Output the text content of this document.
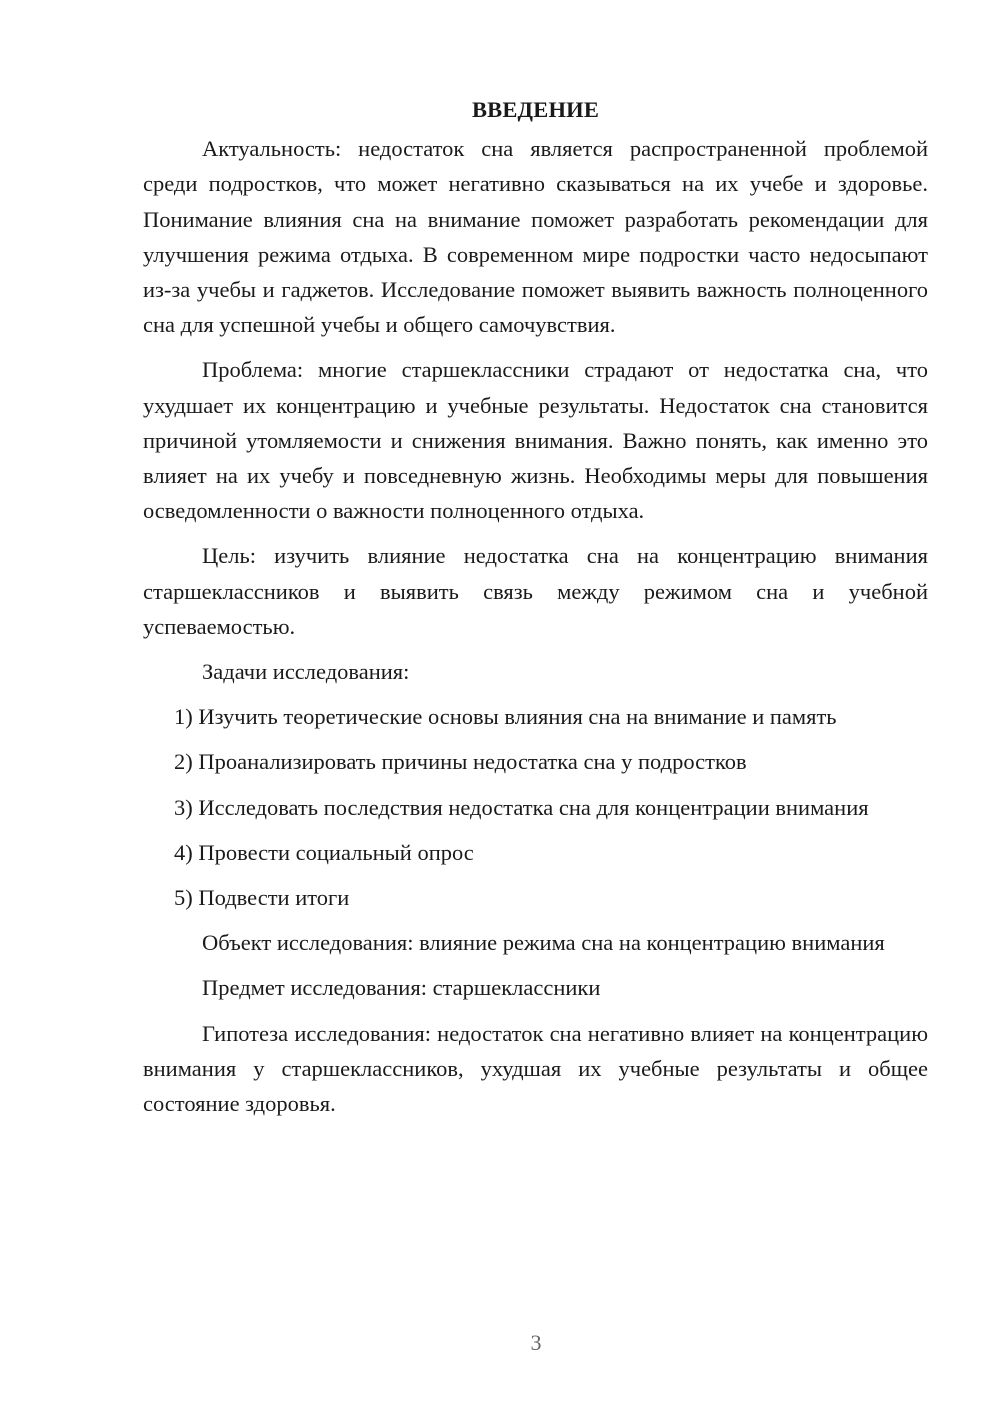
ВВЕДЕНИЕ

Актуальность: недостаток сна является распространенной проблемой среди подростков, что может негативно сказываться на их учебе и здоровье. Понимание влияния сна на внимание поможет разработать рекомендации для улучшения режима отдыха. В современном мире подростки часто недосыпают из-за учебы и гаджетов. Исследование поможет выявить важность полноценного сна для успешной учебы и общего самочувствия.

Проблема: многие старшеклассники страдают от недостатка сна, что ухудшает их концентрацию и учебные результаты. Недостаток сна становится причиной утомляемости и снижения внимания. Важно понять, как именно это влияет на их учебу и повседневную жизнь. Необходимы меры для повышения осведомленности о важности полноценного отдыха.

Цель: изучить влияние недостатка сна на концентрацию внимания старшеклассников и выявить связь между режимом сна и учебной успеваемостью.

Задачи исследования:

1) Изучить теоретические основы влияния сна на внимание и память

2) Проанализировать причины недостатка сна у подростков

3) Исследовать последствия недостатка сна для концентрации внимания

4) Провести социальный опрос

5) Подвести итоги

Объект исследования: влияние режима сна на концентрацию внимания

Предмет исследования: старшеклассники

Гипотеза исследования: недостаток сна негативно влияет на концентрацию внимания у старшеклассников, ухудшая их учебные результаты и общее состояние здоровья.

3
